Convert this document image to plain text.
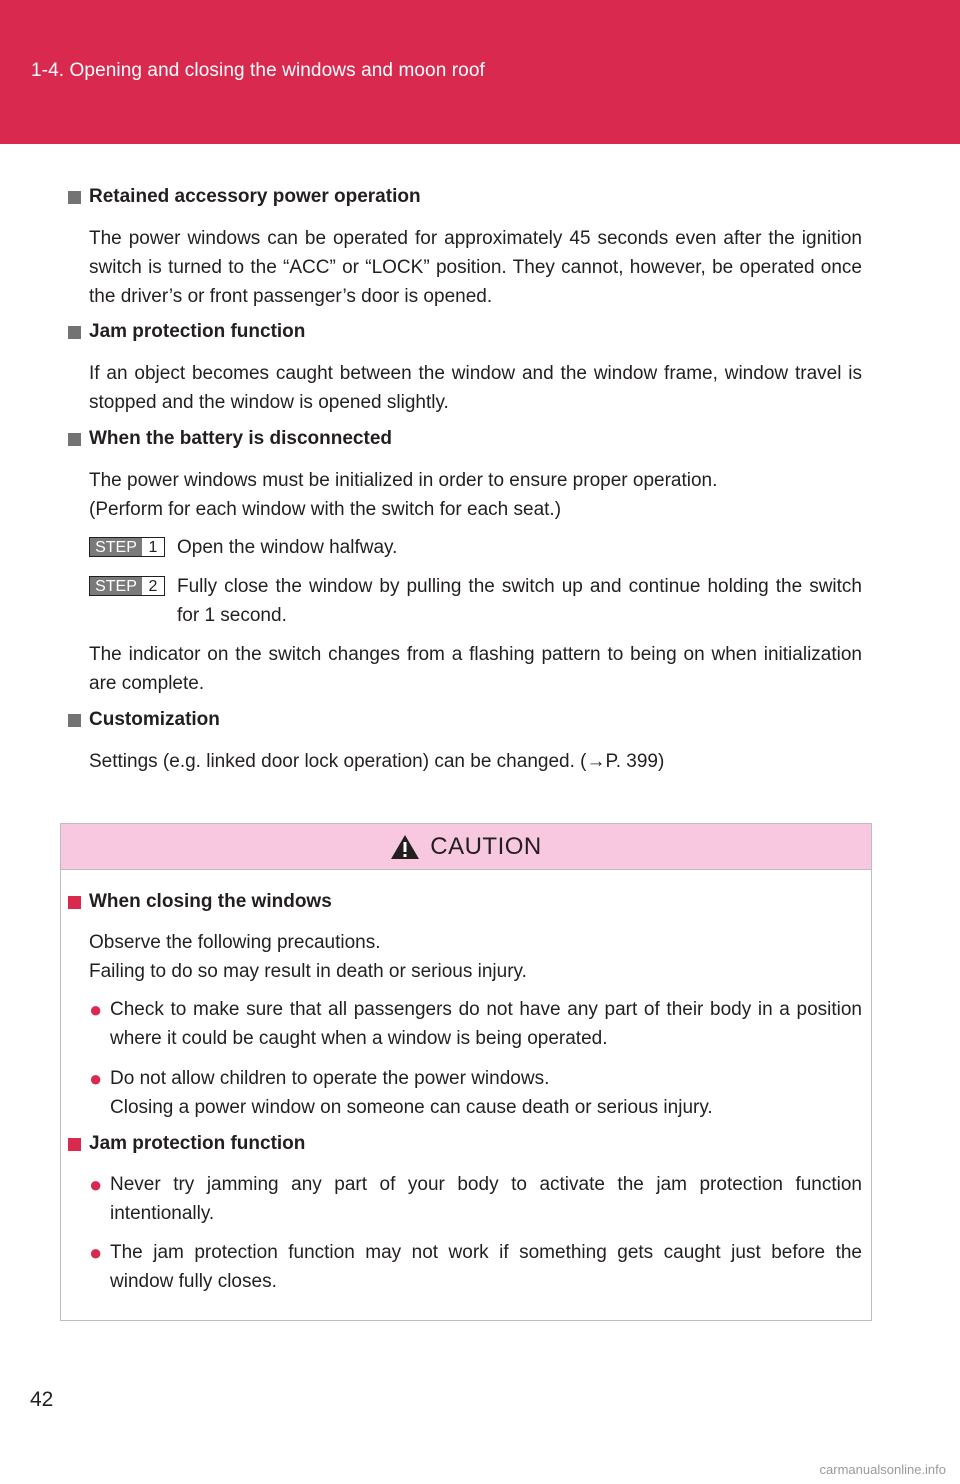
1-4. Opening and closing the windows and moon roof
Retained accessory power operation
The power windows can be operated for approximately 45 seconds even after the ignition switch is turned to the “ACC” or “LOCK” position. They cannot, however, be operated once the driver’s or front passenger’s door is opened.
Jam protection function
If an object becomes caught between the window and the window frame, window travel is stopped and the window is opened slightly.
When the battery is disconnected
The power windows must be initialized in order to ensure proper operation.
(Perform for each window with the switch for each seat.)
STEP 1	Open the window halfway.
STEP 2	Fully close the window by pulling the switch up and continue holding the switch for 1 second.
The indicator on the switch changes from a flashing pattern to being on when initialization are complete.
Customization
Settings (e.g. linked door lock operation) can be changed. (→P. 399)
CAUTION
When closing the windows
Observe the following precautions.
Failing to do so may result in death or serious injury.
● Check to make sure that all passengers do not have any part of their body in a position where it could be caught when a window is being operated.
● Do not allow children to operate the power windows.
Closing a power window on someone can cause death or serious injury.
Jam protection function
● Never try jamming any part of your body to activate the jam protection function intentionally.
● The jam protection function may not work if something gets caught just before the window fully closes.
42
carmanualsonline.info
